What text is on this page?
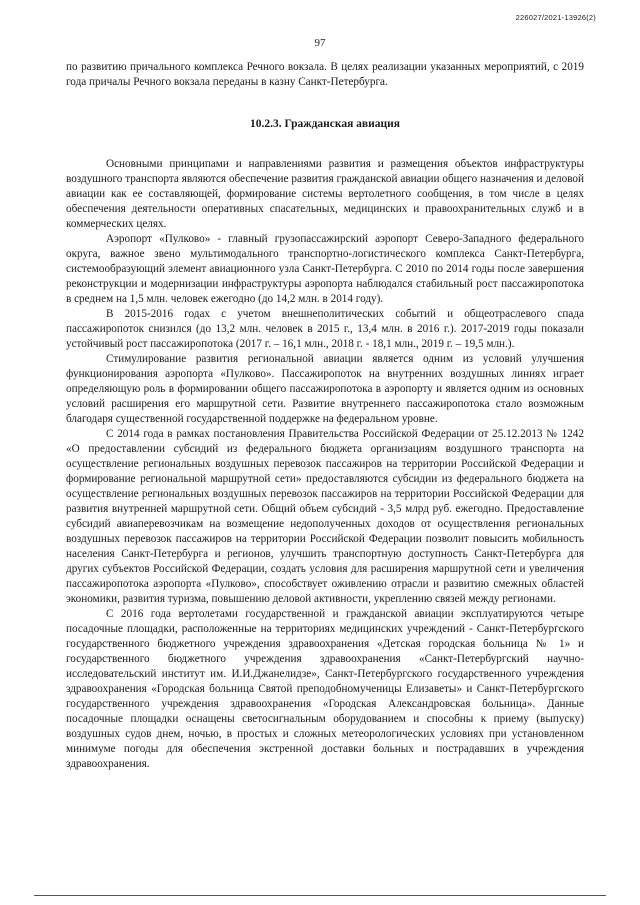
226027/2021-13926(2)
97

по развитию причального комплекса Речного вокзала. В целях реализации указанных мероприятий, с 2019 года причалы Речного вокзала переданы в казну Санкт-Петербурга.

10.2.3. Гражданская авиация

Основными принципами и направлениями развития и размещения объектов инфраструктуры воздушного транспорта являются обеспечение развития гражданской авиации общего назначения и деловой авиации как ее составляющей, формирование системы вертолетного сообщения, в том числе в целях обеспечения деятельности оперативных спасательных, медицинских и правоохранительных служб и в коммерческих целях.

Аэропорт «Пулково» - главный грузопассажирский аэропорт Северо-Западного федерального округа, важное звено мультимодального транспортно-логистического комплекса Санкт-Петербурга, системообразующий элемент авиационного узла Санкт-Петербурга. С 2010 по 2014 годы после завершения реконструкции и модернизации инфраструктуры аэропорта наблюдался стабильный рост пассажиропотока в среднем на 1,5 млн. человек ежегодно (до 14,2 млн. в 2014 году).

В 2015-2016 годах с учетом внешнеполитических событий и общеотраслевого спада пассажиропоток снизился (до 13,2 млн. человек в 2015 г., 13,4 млн. в 2016 г.). 2017-2019 годы показали устойчивый рост пассажиропотока (2017 г. – 16,1 млн., 2018 г. - 18,1 млн., 2019 г. – 19,5 млн.).

Стимулирование развития региональной авиации является одним из условий улучшения функционирования аэропорта «Пулково». Пассажиропоток на внутренних воздушных линиях играет определяющую роль в формировании общего пассажиропотока в аэропорту и является одним из основных условий расширения его маршрутной сети. Развитие внутреннего пассажиропотока стало возможным благодаря существенной государственной поддержке на федеральном уровне.

С 2014 года в рамках постановления Правительства Российской Федерации от 25.12.2013 № 1242 «О предоставлении субсидий из федерального бюджета организациям воздушного транспорта на осуществление региональных воздушных перевозок пассажиров на территории Российской Федерации и формирование региональной маршрутной сети» предоставляются субсидии из федерального бюджета на осуществление региональных воздушных перевозок пассажиров на территории Российской Федерации для развития внутренней маршрутной сети. Общий объем субсидий - 3,5 млрд руб. ежегодно. Предоставление субсидий авиаперевозчикам на возмещение недополученных доходов от осуществления региональных воздушных перевозок пассажиров на территории Российской Федерации позволит повысить мобильность населения Санкт-Петербурга и регионов, улучшить транспортную доступность Санкт-Петербурга для других субъектов Российской Федерации, создать условия для расширения маршрутной сети и увеличения пассажиропотока аэропорта «Пулково», способствует оживлению отрасли и развитию смежных областей экономики, развития туризма, повышению деловой активности, укреплению связей между регионами.

С 2016 года вертолетами государственной и гражданской авиации эксплуатируются четыре посадочные площадки, расположенные на территориях медицинских учреждений - Санкт-Петербургского государственного бюджетного учреждения здравоохранения «Детская городская больница № 1» и государственного бюджетного учреждения здравоохранения «Санкт-Петербургский научно-исследовательский институт им. И.И.Джанелидзе», Санкт-Петербургского государственного учреждения здравоохранения «Городская больница Святой преподобномученицы Елизаветы» и Санкт-Петербургского государственного учреждения здравоохранения «Городская Александровская больница». Данные посадочные площадки оснащены светосигнальным оборудованием и способны к приему (выпуску) воздушных судов днем, ночью, в простых и сложных метеорологических условиях при установленном минимуме погоды для обеспечения экстренной доставки больных и пострадавших в учреждения здравоохранения.
